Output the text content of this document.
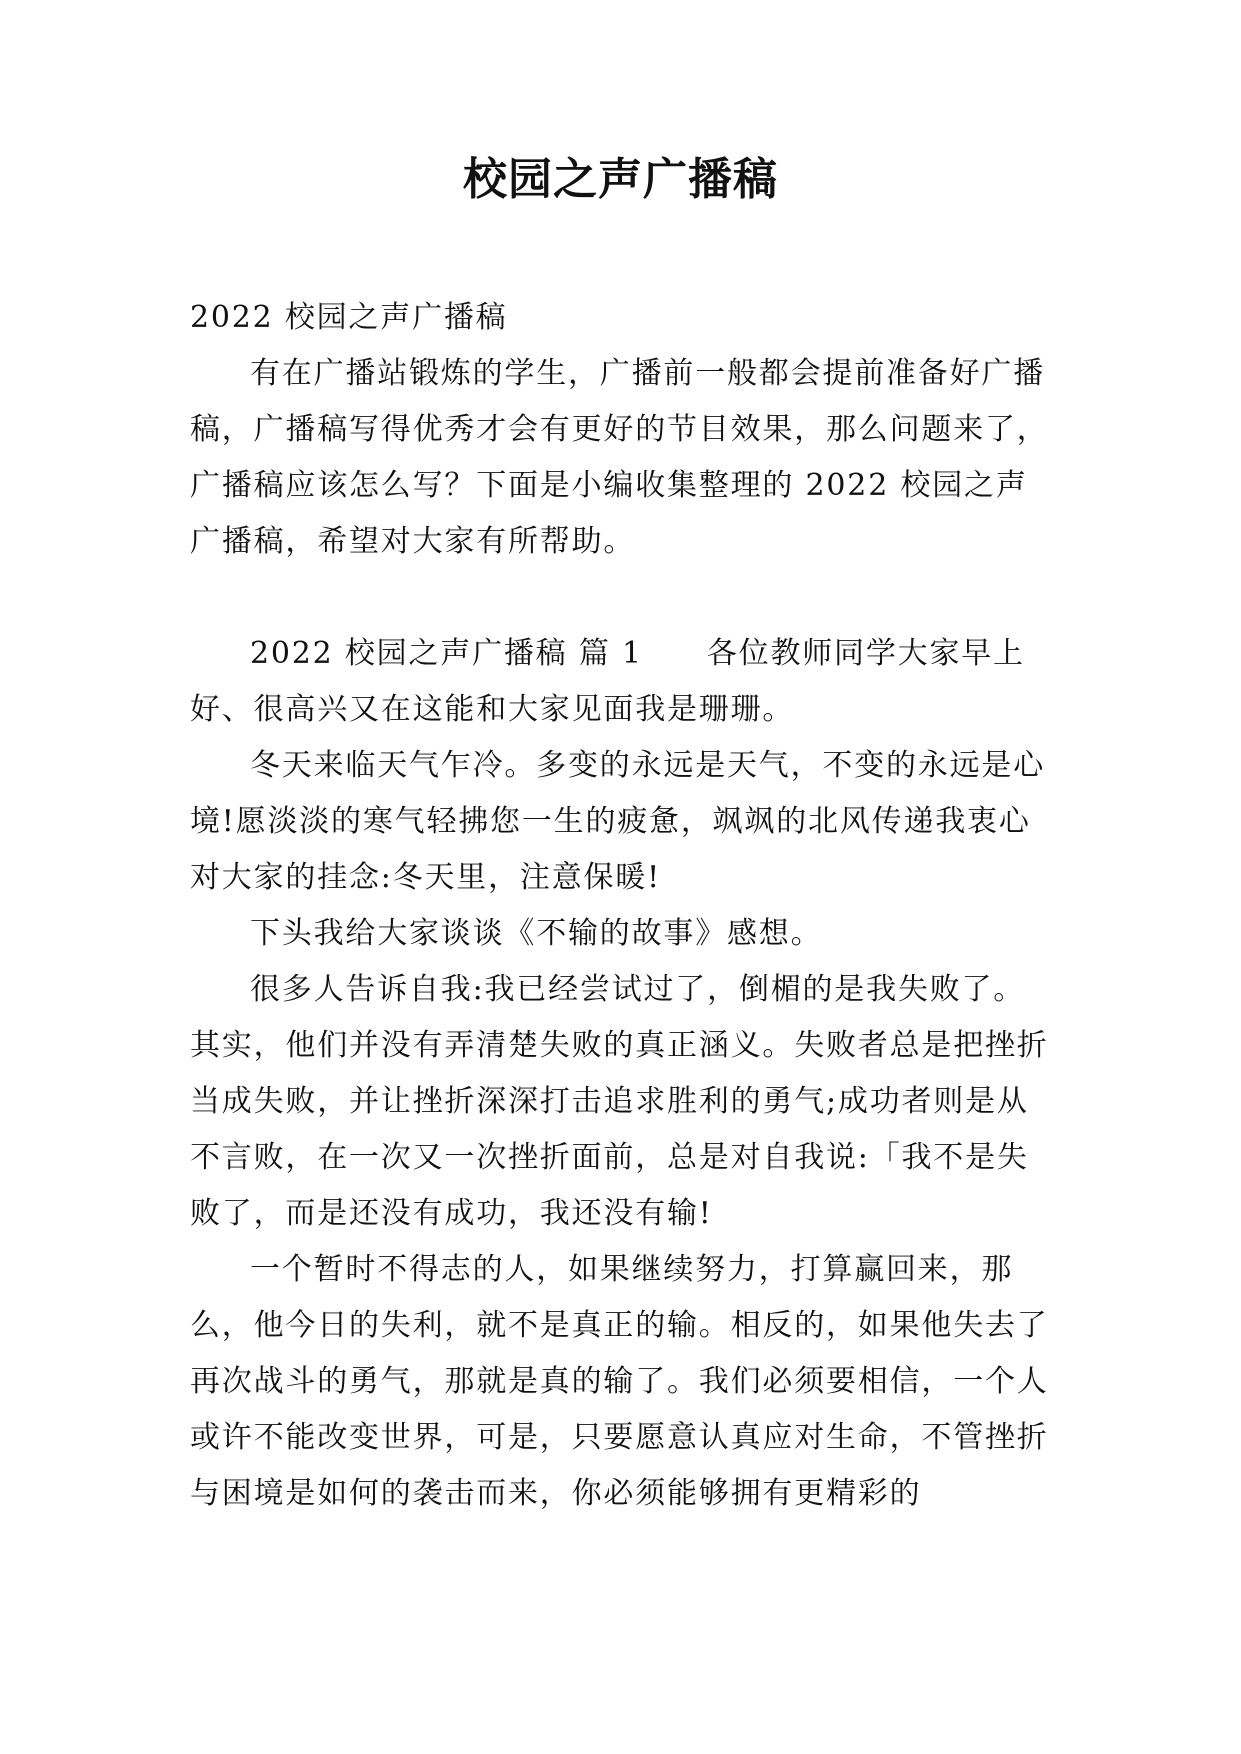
校园之声广播稿

2022 校园之声广播稿

有在广播站锻炼的学生，广播前一般都会提前准备好广播稿，广播稿写得优秀才会有更好的节目效果，那么问题来了，广播稿应该怎么写？下面是小编收集整理的 2022 校园之声广播稿，希望对大家有所帮助。

2022 校园之声广播稿 篇 1 各位教师同学大家早上好、很高兴又在这能和大家见面我是珊珊。

冬天来临天气乍冷。多变的永远是天气，不变的永远是心境!愿淡淡的寒气轻拂您一生的疲惫，飒飒的北风传递我衷心对大家的挂念:冬天里，注意保暖!

下头我给大家谈谈《不输的故事》感想。

很多人告诉自我:我已经尝试过了，倒楣的是我失败了。其实，他们并没有弄清楚失败的真正涵义。失败者总是把挫折当成失败，并让挫折深深打击追求胜利的勇气;成功者则是从不言败，在一次又一次挫折面前，总是对自我说:「我不是失败了，而是还没有成功，我还没有输!

一个暂时不得志的人，如果继续努力，打算赢回来，那么，他今日的失利，就不是真正的输。相反的，如果他失去了再次战斗的勇气，那就是真的输了。我们必须要相信，一个人或许不能改变世界，可是，只要愿意认真应对生命，不管挫折与困境是如何的袭击而来，你必须能够拥有更精彩的
